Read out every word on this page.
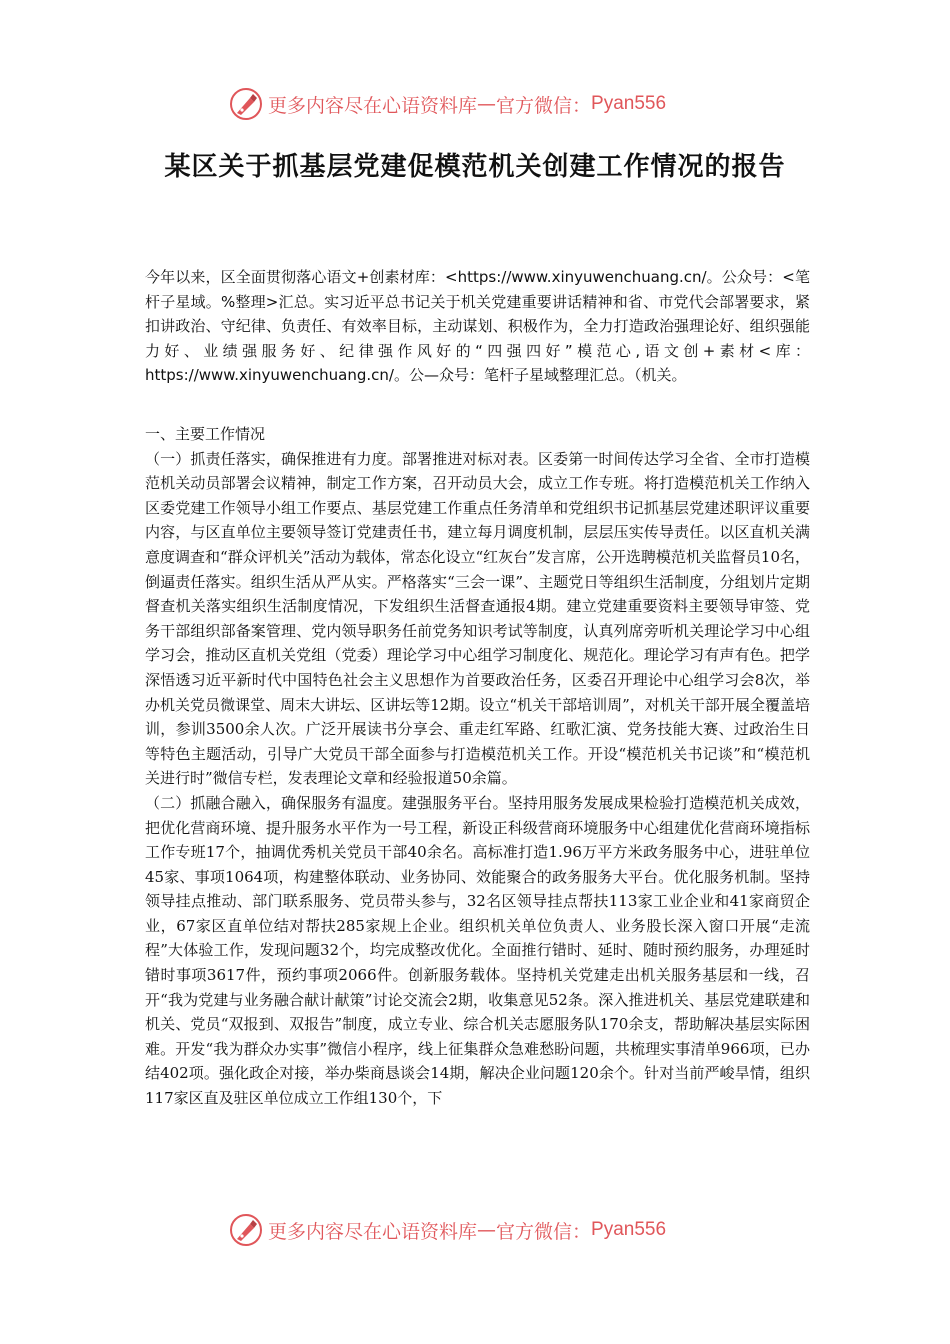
更多内容尽在心语资料库 — 官方微信： Pyan556
某区关于抓基层党建促模范机关创建工作情况的报告
今年以来，区全面贯彻落心语文+创素材库：<https://www.xinyuwenchuang.cn/。公众号：<笔杆子星域。%整理>汇总。实习近平总书记关于机关党建重要讲话精神和省、市党代会部署要求，紧扣讲政治、守纪律、负责任、有效率目标，主动谋划、积极作为，全力打造政治强理论好、组织强能力好、业绩强服务好、纪律强作风好的“四强四好”模范心,语文创+素材<库：https://www.xinyuwenchuang.cn/。公—众号：笔杆子星域整理汇总。（机关。

一、主要工作情况

（一）抓责任落实，确保推进有力度。部署推进对标对表。区委第一时间传达学习全省、全市打造模范机关动员部署会议精神，制定工作方案，召开动员大会，成立工作专班。将打造模范机关工作纳入区委党建工作领导小组工作要点、基层党建工作重点任务清单和党组织书记抓基层党建述职评议重要内容，与区直单位主要领导签订党建责任书，建立每月调度机制，层层压实传导责任。以区直机关满意度调查和“群众评机关”活动为载体，常态化设立“红灰台”发言席，公开选聘模范机关监督员10名，倒逼责任落实。组织生活从严从实。严格落实“三会一课”、主题党日等组织生活制度，分组划片定期督查机关落实组织生活制度情况，下发组织生活督查通报4期。建立党建重要资料主要领导审签、党务干部组织部备案管理、党内领导职务任前党务知识考试等制度，认真列席旁听机关理论学习中心组学习会，推动区直机关党组（党委）理论学习中心组学习制度化、规范化。理论学习有声有色。把学深悟透习近平新时代中国特色社会主义思想作为首要政治任务，区委召开理论中心组学习会8次，举办机关党员微课堂、周末大讲坛、区讲坛等12期。设立“机关干部培训周”，对机关干部开展全覆盖培训，参训3500余人次。广泛开展读书分享会、重走红军路、红歌汇演、党务技能大赛、过政治生日等特色主题活动，引导广大党员干部全面参与打造模范机关工作。开设“模范机关书记谈”和“模范机关进行时”微信专栏，发表理论文章和经验报道50余篇。

（二）抓融合融入，确保服务有温度。建强服务平台。坚持用服务发展成果检验打造模范机关成效，把优化营商环境、提升服务水平作为一号工程，新设正科级营商环境服务中心组建优化营商环境指标工作专班17个，抽调优秀机关党员干部40余名。高标准打造1.96万平方米政务服务中心，进驻单位45家、事项1064项，构建整体联动、业务协同、效能聚合的政务服务大平台。优化服务机制。坚持领导挂点推动、部门联系服务、党员带头参与，32名区领导挂点帮扶113家工业企业和41家商贸企业，67家区直单位结对帮扶285家规上企业。组织机关单位负责人、业务股长深入窗口开展“走流程”大体验工作，发现问题32个，均完成整改优化。全面推行错时、延时、随时预约服务，办理延时错时事项3617件，预约事项2066件。创新服务载体。坚持机关党建走出机关服务基层和一线，召开“我为党建与业务融合献计献策”讨论交流会2期，收集意见52条。深入推进机关、基层党建联建和机关、党员“双报到、双报告”制度，成立专业、综合机关志愿服务队170余支，帮助解决基层实际困难。开发“我为群众办实事”微信小程序，线上征集群众急难愁盼问题，共梳理实事清单966项，已办结402项。强化政企对接，举办柴商恳谈会14期，解决企业问题120余个。针对当前严峻旱情，组织117家区直及驻区单位成立工作组130个，下

更多内容尽在心语资料库 — 官方微信： Pyan556
